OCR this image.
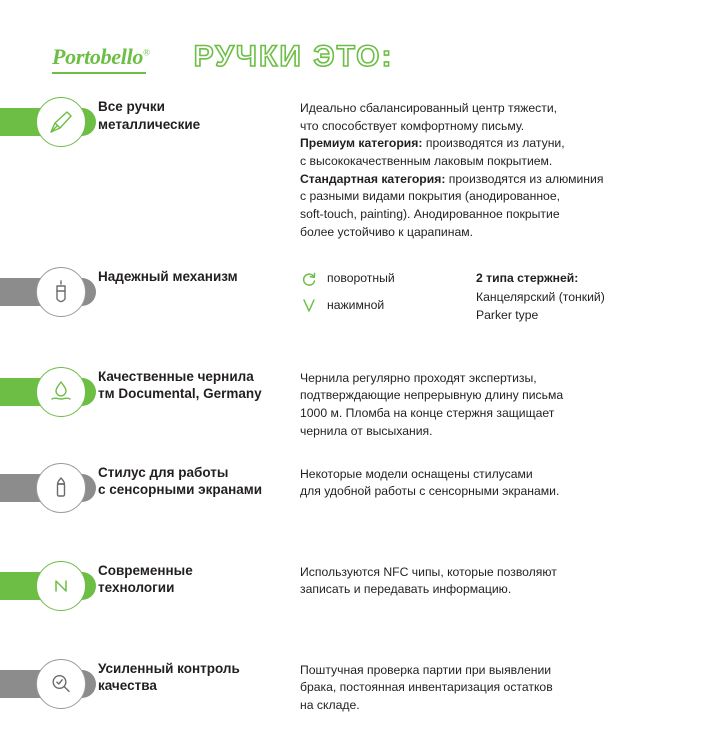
Portobello® РУЧКИ ЭТО:
Все ручки
металлические
Идеально сбалансированный центр тяжести,
что способствует комфортному письму.
Премиум категория: производятся из латуни,
с высококачественным лаковым покрытием.
Стандартная категория: производятся из алюминия
с разными видами покрытия (анодированное,
soft-touch, painting). Анодированное покрытие
более устойчиво к царапинам.
Надежный механизм	поворотный
нажимной
2 типа стержней:
Канцелярский (тонкий)
Parker type
Качественные чернила
тм Documental, Germany
Чернила регулярно проходят экспертизы,
подтверждающие непрерывную длину письма
1000 м. Пломба на конце стержня защищает
чернила от высыхания.
Стилус для работы
с сенсорными экранами
Некоторые модели оснащены стилусами
для удобной работы с сенсорными экранами.
Современные
технологии
Используются NFC чипы, которые позволяют
записать и передавать информацию.
Усиленный контроль
качества
Поштучная проверка партии при выявлении
брака, постоянная инвентаризация остатков
на складе.
